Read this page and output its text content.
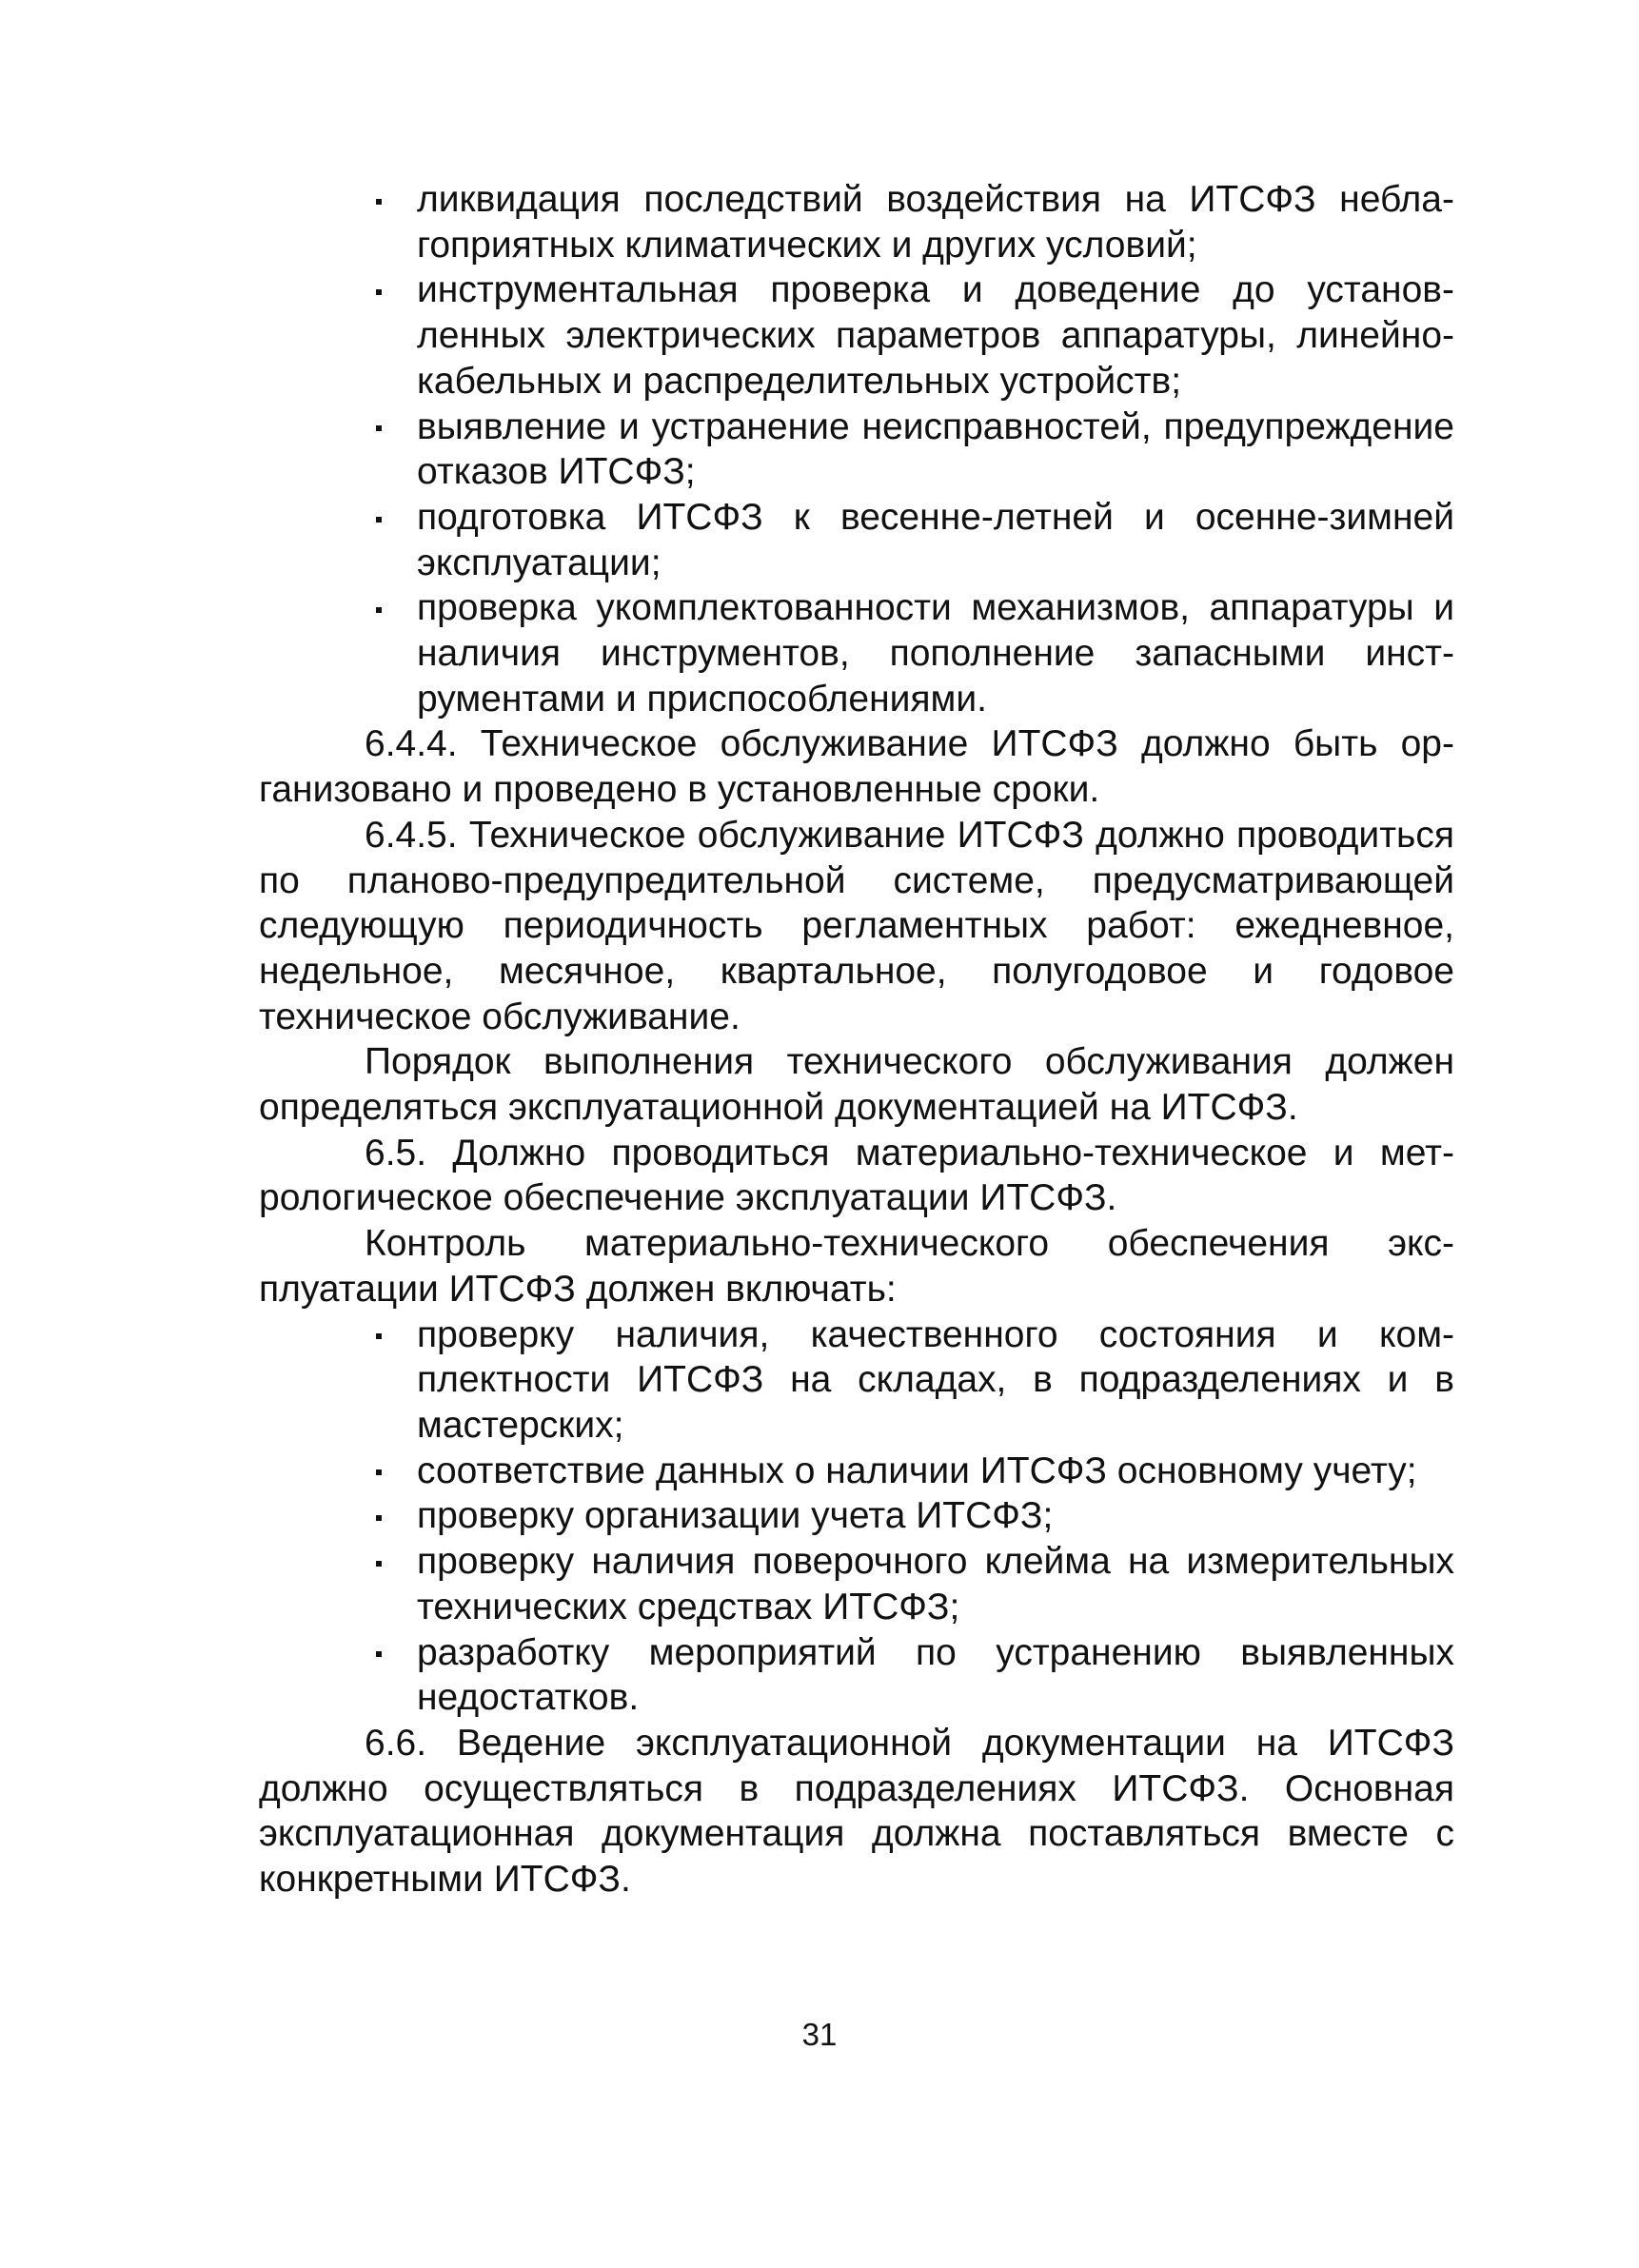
ликвидация последствий воздействия на ИТСФЗ неблагоприятных климатических и других условий;
инструментальная проверка и доведение до установленных электрических параметров аппаратуры, линейно-кабельных и распределительных устройств;
выявление и устранение неисправностей, предупреждение отказов ИТСФЗ;
подготовка ИТСФЗ к весенне-летней и осенне-зимней эксплуатации;
проверка укомплектованности механизмов, аппаратуры и наличия инструментов, пополнение запасными инструментами и приспособлениями.

6.4.4. Техническое обслуживание ИТСФЗ должно быть организовано и проведено в установленные сроки.

6.4.5. Техническое обслуживание ИТСФЗ должно проводиться по планово-предупредительной системе, предусматривающей следующую периодичность регламентных работ: ежедневное, недельное, месячное, квартальное, полугодовое и годовое техническое обслуживание.

Порядок выполнения технического обслуживания должен определяться эксплуатационной документацией на ИТСФЗ.

6.5. Должно проводиться материально-техническое и метрологическое обеспечение эксплуатации ИТСФЗ.

Контроль материально-технического обеспечения эксплуатации ИТСФЗ должен включать:

проверку наличия, качественного состояния и комплектности ИТСФЗ на складах, в подразделениях и в мастерских;
соответствие данных о наличии ИТСФЗ основному учету;
проверку организации учета ИТСФЗ;
проверку наличия поверочного клейма на измерительных технических средствах ИТСФЗ;
разработку мероприятий по устранению выявленных недостатков.

6.6. Ведение эксплуатационной документации на ИТСФЗ должно осуществляться в подразделениях ИТСФЗ. Основная эксплуатационная документация должна поставляться вместе с конкретными ИТСФЗ.

31
